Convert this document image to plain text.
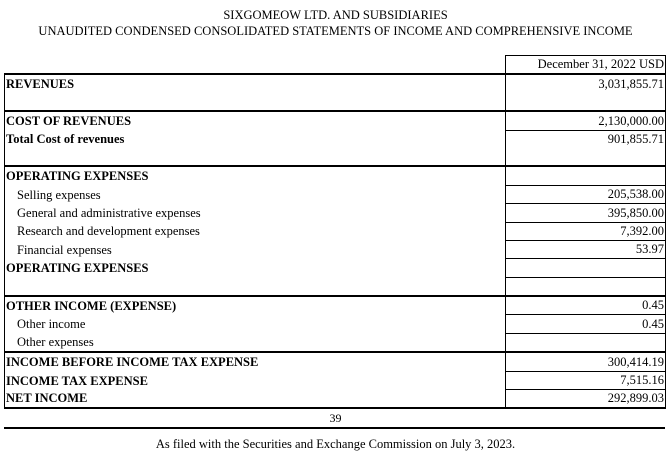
SIXGOMEOW LTD. AND SUBSIDIARIES
UNAUDITED CONDENSED CONSOLIDATED STATEMENTS OF INCOME AND COMPREHENSIVE INCOME
	December 31, 2022 USD
REVENUES	3,031,855.71

COST OF REVENUES	2,130,000.00
Total Cost of revenues	901,855.71

OPERATING EXPENSES	
Selling expenses	205,538.00
General and administrative expenses	395,850.00
Research and development expenses	7,392.00
Financial expenses	53.97
OPERATING EXPENSES	

OTHER INCOME (EXPENSE)	0.45
Other income	0.45
Other expenses	
INCOME BEFORE INCOME TAX EXPENSE	300,414.19
INCOME TAX EXPENSE	7,515.16
NET INCOME	292,899.03
39
As filed with the Securities and Exchange Commission on July 3, 2023.
